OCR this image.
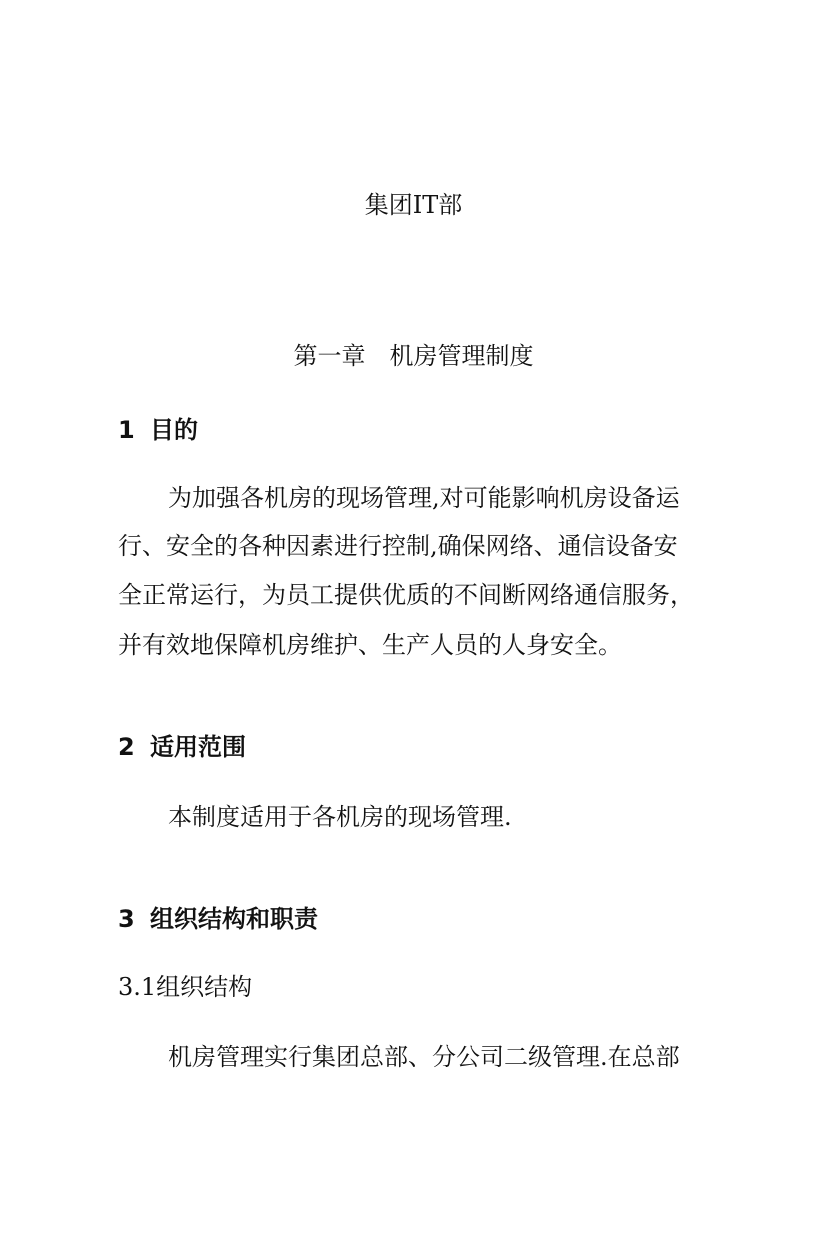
集团IT部
第一章　机房管理制度
1 目的
为加强各机房的现场管理,对可能影响机房设备运
行、安全的各种因素进行控制,确保网络、通信设备安
全正常运行，为员工提供优质的不间断网络通信服务，
并有效地保障机房维护、生产人员的人身安全。
2 适用范围
本制度适用于各机房的现场管理.
3 组织结构和职责
3.1组织结构
机房管理实行集团总部、分公司二级管理.在总部
